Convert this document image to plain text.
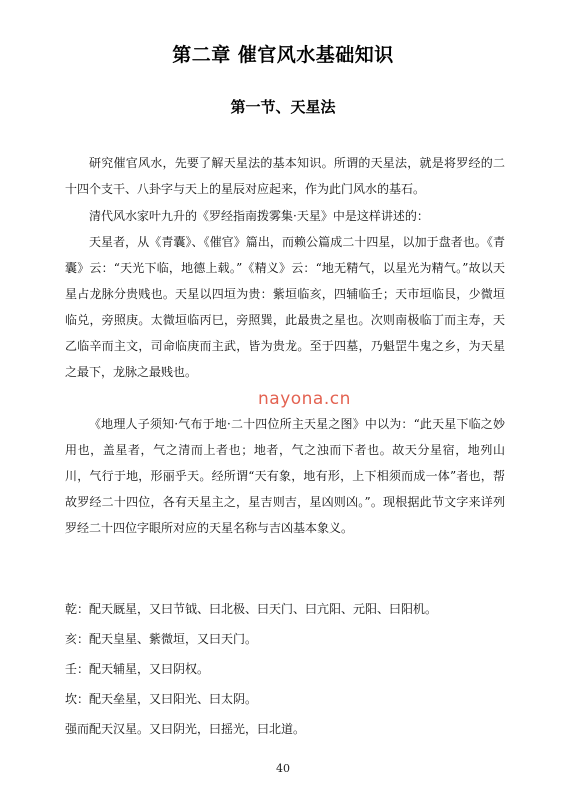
第二章 催官风水基础知识
第一节、天星法

研究催官风水，先要了解天星法的基本知识。所谓的天星法，就是将罗经的二十四个支干、八卦字与天上的星辰对应起来，作为此门风水的基石。

清代风水家叶九升的《罗经指南拨雾集·天星》中是这样讲述的：

天星者，从《青囊》、《催官》篇出，而赖公篇成二十四星，以加于盘者也。《青囊》云：“天光下临，地德上载。”《精义》云：“地无精气，以星光为精气。”故以天星占龙脉分贵贱也。天星以四垣为贵：紫垣临亥，四辅临壬；天市垣临艮，少微垣临兑，旁照庚。太微垣临丙巳，旁照巽，此最贵之星也。次则南极临丁而主寿，天乙临辛而主文，司命临庚而主武，皆为贵龙。至于四墓，乃魁罡牛鬼之乡，为天星之最下，龙脉之最贱也。

《地理人子须知·气布于地·二十四位所主天星之图》中以为：“此天星下临之妙用也，盖星者，气之清而上者也；地者，气之浊而下者也。故天分星宿，地列山川，气行于地，形丽乎天。经所谓“天有象，地有形，上下相须而成一体”者也，帮故罗经二十四位，各有天星主之，星吉则吉，星凶则凶。”。现根据此节文字来详列罗经二十四位字眼所对应的天星名称与吉凶基本象义。

nayona.cn

乾：配天厩星，又曰节钺、曰北极、曰天门、曰亢阳、元阳、曰阳机。

亥：配天皇星、紫微垣，又曰天门。

壬：配天辅星，又曰阴权。

坎：配天垒星，又曰阳光、曰太阴。

强而配天汉星。又曰阴光，曰摇光，曰北道。

40
